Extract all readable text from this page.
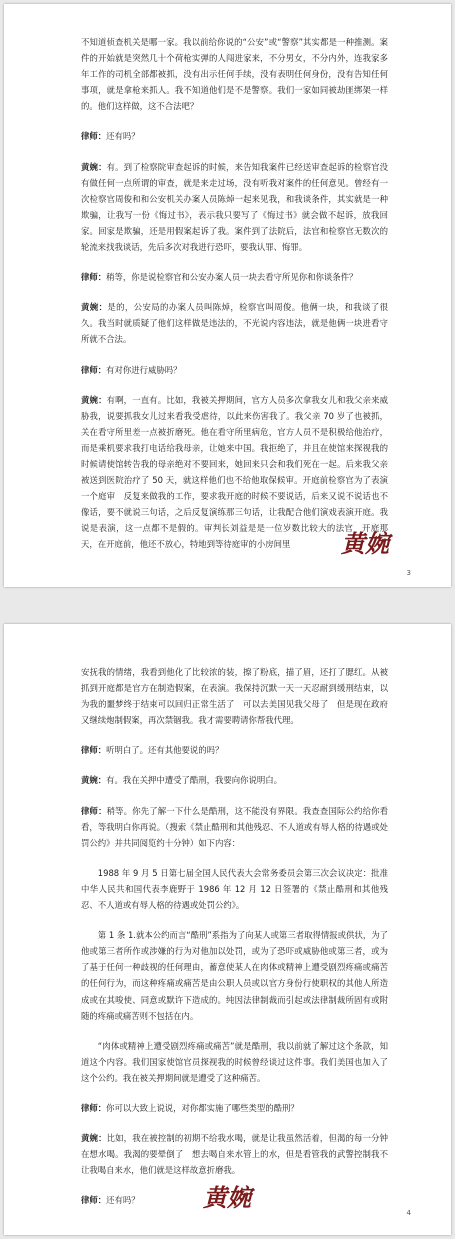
不知道侦查机关是哪一家。我以前给你说的“公安”或“警察”其实都是一种推测。案件的开始就是突然几十个荷枪实弹的人闯进家来，不分男女，不分内外，连我家多年工作的司机全部都被抓，没有出示任何手续，没有表明任何身份，没有告知任何事项，就是拿枪来抓人。我不知道他们是不是警察。我们一家如同被劫匪绑架一样的。他们这样做，这不合法吧？

律师：还有吗？

黄婉：有。到了检察院审查起诉的时候，来告知我案件已经送审查起诉的检察官没有做任何一点所谓的审查，就是来走过场，没有听我对案件的任何意见。曾经有一次检察官周俊和和公安机关办案人员陈焯一起来见我，和我谈条件，其实就是一种欺骗，让我写一份《悔过书》，表示我只要写了《悔过书》就会做不起诉，放我回家。回家是欺骗，还是用假案起诉了我。案件到了法院后，法官和检察官无数次的轮流来找我谈话，先后多次对我进行恐吓，要我认罪、悔罪。

律师：稍等，你是说检察官和公安办案人员一块去看守所见你和你谈条件？

黄婉：是的，公安局的办案人员叫陈焯，检察官叫周俊。他俩一块，和我谈了很久。我当时就质疑了他们这样做是违法的，不光说内容违法，就是他俩一块进看守所就不合法。

律师：有对你进行威胁吗？

黄婉：有啊，一直有。比如，我被关押期间，官方人员多次拿我女儿和我父亲来威胁我，说要抓我女儿过来看我受虐待，以此来伤害我了。我父亲 70 岁了也被抓，关在看守所里差一点被折磨死。他在看守所里病危，官方人员不是积极给他治疗，而是乘机要求我打电话给我母亲，让她来中国。我拒绝了，并且在使馆来探视我的时候请使馆转告我的母亲绝对不要回来，她回来只会和我们死在一起。后来我父亲被送到医院治疗了 50 天，就这样他们也不给他取保候审。开庭前检察官为了表演一个庭审　反复来做我的工作，要求我开庭的时候不要说话，后来又说不说话也不像话，要不就说三句话，之后反复演练那三句话，让我配合他们演戏表演开庭。我说是表演，这一点都不是假的。审判长刘益是是一位岁数比较大的法官　开庭那天，在开庭前，他还不放心，特地到等待庭审的小房间里	黄婉
3

安抚我的情绪，我看到他化了比较浓的装，擦了粉底，描了眉，还打了腮红。从被抓到开庭都是官方在制造假案，在表演。我保持沉默一天一天忍耐到缓刑结束，以为我的噩梦终于结束可以回归正常生活了　可以去美国见我父母了　但是现在政府又继续炮制假案，再次禁锢我。我才需要聘请你帮我代理。

律师：听明白了。还有其他要说的吗？

黄婉：有。我在关押中遭受了酷刑，我要向你说明白。

律师：稍等。你先了解一下什么是酷刑，这不能没有界限。我查查国际公约给你看看，等我明白你再说。（搜索《禁止酷刑和其他残忍、不人道或有辱人格的待遇或处罚公约》并共同阅览约十分钟）如下内容：

1988 年 9 月 5 日第七届全国人民代表大会常务委员会第三次会议决定：批准中华人民共和国代表李鹿野于 1986 年 12 月 12 日签署的《禁止酷刑和其他残忍、不人道或有辱人格的待遇或处罚公约》。

第 1 条 1.就本公约而言“酷刑”系指为了向某人或第三者取得情报或供状，为了他或第三者所作或涉嫌的行为对他加以处罚，或为了恐吓或威胁他或第三者，或为了基于任何一种歧视的任何理由，蓄意使某人在肉体或精神上遭受剧烈疼痛或痛苦的任何行为，而这种疼痛或痛苦是由公职人员或以官方身份行使职权的其他人所造成或在其唆使、同意或默许下造成的。纯因法律制裁而引起或法律制裁所固有或附随的疼痛或痛苦则不包括在内。

“肉体或精神上遭受剧烈疼痛或痛苦”就是酷刑，我以前就了解过这个条款，知道这个内容。我们国家使馆官员探视我的时候曾经谈过这件事。我们美国也加入了这个公约。我在被关押期间就是遭受了这种痛苦。

律师：你可以大致上说说，对你都实施了哪些类型的酷刑？

黄婉：比如，我在被控制的初期不给我水喝，就是让我虽然活着，但渴的每一分钟在想水喝。我渴的要晕倒了　想去喝自来水管上的水，但是看管我的武警控制我不让我喝自来水，他们就是这样故意折磨我。

律师：还有吗？	黄婉
4
